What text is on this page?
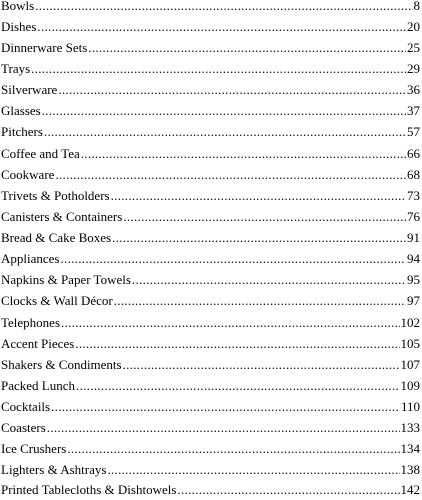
Bowls .....	8
Dishes .....	20
Dinnerware Sets .....	25
Trays .....	29
Silverware .....	36
Glasses .....	37
Pitchers .....	57
Coffee and Tea .....	66
Cookware .....	68
Trivets & Potholders .....	73
Canisters & Containers .....	76
Bread & Cake Boxes .....	91
Appliances .....	94
Napkins & Paper Towels .....	95
Clocks & Wall Décor .....	97
Telephones .....	102
Accent Pieces .....	105
Shakers & Condiments .....	107
Packed Lunch .....	109
Cocktails .....	110
Coasters .....	133
Ice Crushers .....	134
Lighters & Ashtrays .....	138
Printed Tablecloths & Dishtowels .....	142
